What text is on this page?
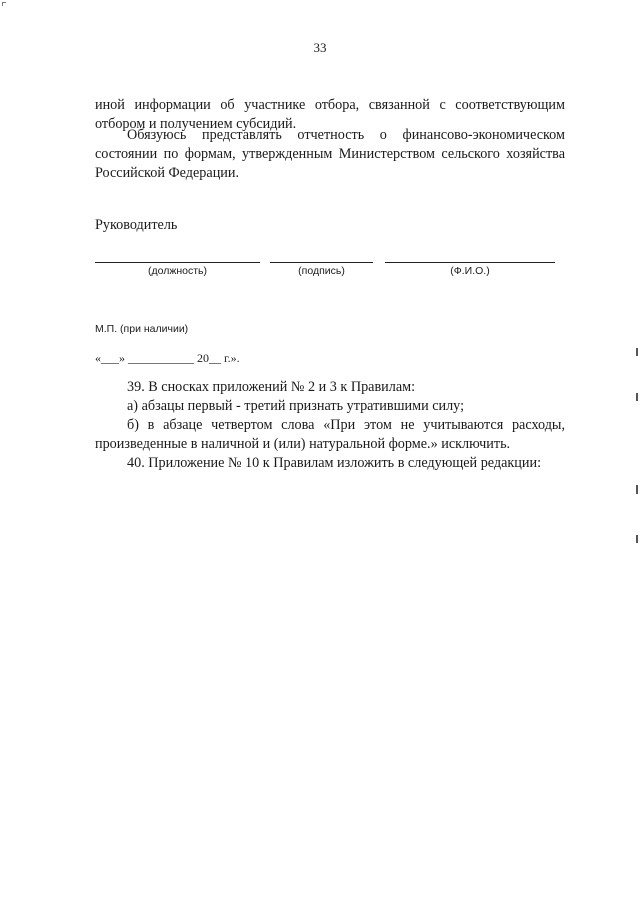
33
иной информации об участнике отбора, связанной с соответствующим отбором и получением субсидий.
Обязуюсь представлять отчетность о финансово-экономическом состоянии по формам, утвержденным Министерством сельского хозяйства Российской Федерации.
Руководитель
(должность)	(подпись)	(Ф.И.О.)
М.П. (при наличии)
«___» ___________ 20__ г.».
39. В сносках приложений № 2 и 3 к Правилам:
а) абзацы первый - третий признать утратившими силу;
б) в абзаце четвертом слова «При этом не учитываются расходы, произведенные в наличной и (или) натуральной форме.» исключить.
40. Приложение № 10 к Правилам изложить в следующей редакции:
